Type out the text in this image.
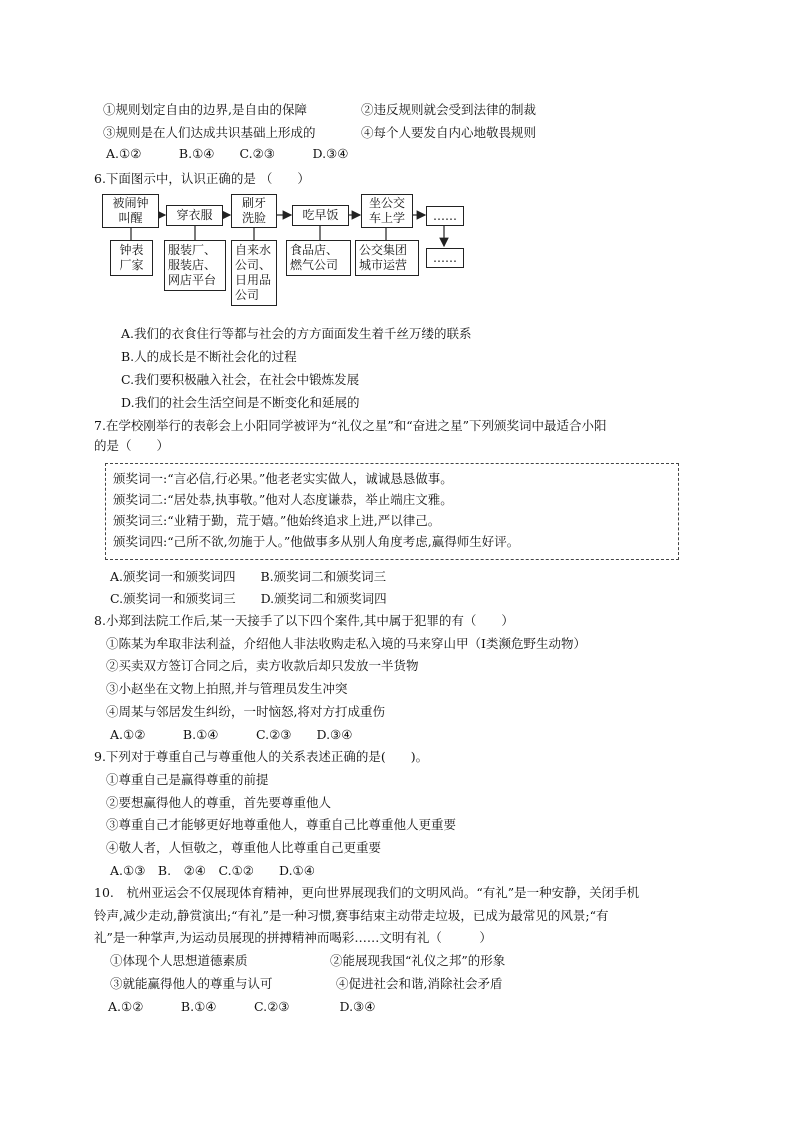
①规则划定自由的边界,是自由的保障	②违反规则就会受到法律的制裁
③规则是在人们达成共识基础上形成的	④每个人要发自内心地敬畏规则
A.①②　　　B.①④　　C.②③　　　D.③④
6.下面图示中，认识正确的是 （　　）
被闹钟
叫醒	穿衣服
刷牙
洗脸	吃早饭
坐公交
车上学	……
钟表
厂家
服装厂、
服装店、
网店平台
自来水
公司、
日用品
公司
食品店、
燃气公司
公交集团
城市运营
……
A.我们的衣食住行等都与社会的方方面面发生着千丝万缕的联系
B.人的成长是不断社会化的过程
C.我们要积极融入社会，在社会中锻炼发展
D.我们的社会生活空间是不断变化和延展的
7.在学校刚举行的表彰会上小阳同学被评为“礼仪之星”和“奋进之星”下列颁奖词中最适合小阳
的是（　　）
颁奖词一:“言必信,行必果。”他老老实实做人，诚诚恳恳做事。
颁奖词二:“居处恭,执事敬。”他对人态度谦恭，举止端庄文雅。
颁奖词三:“业精于勤，荒于嬉。”他始终追求上进,严以律己。
颁奖词四:“己所不欲,勿施于人。”他做事多从别人角度考虑,赢得师生好评。
A.颁奖词一和颁奖词四　　B.颁奖词二和颁奖词三
C.颁奖词一和颁奖词三　　D.颁奖词二和颁奖词四
8.小郑到法院工作后,某一天接手了以下四个案件,其中属于犯罪的有（　　）
①陈某为牟取非法利益，介绍他人非法收购走私入境的马来穿山甲（I类濒危野生动物）
②买卖双方签订合同之后，卖方收款后却只发放一半货物
③小赵坐在文物上拍照,并与管理员发生冲突
④周某与邻居发生纠纷，一时恼怒,将对方打成重伤
A.①②　　　B.①④　　　C.②③　　D.③④
9.下列对于尊重自己与尊重他人的关系表述正确的是(　　)。
①尊重自己是赢得尊重的前提
②要想赢得他人的尊重，首先要尊重他人
③尊重自己才能够更好地尊重他人，尊重自己比尊重他人更重要
④敬人者，人恒敬之，尊重他人比尊重自己更重要
A.①③　B.　②④　C.①②　　D.①④
10.　杭州亚运会不仅展现体育精神，更向世界展现我们的文明风尚。“有礼”是一种安静，关闭手机
铃声,减少走动,静赏演出;“有礼”是一种习惯,赛事结束主动带走垃圾，已成为最常见的风景;“有
礼”是一种掌声,为运动员展现的拼搏精神而喝彩……文明有礼（　　　）
①体现个人思想道德素质	②能展现我国“礼仪之邦”的形象
③就能赢得他人的尊重与认可	④促进社会和谐,消除社会矛盾
A.①②　　　B.①④　　　C.②③　　　　D.③④
